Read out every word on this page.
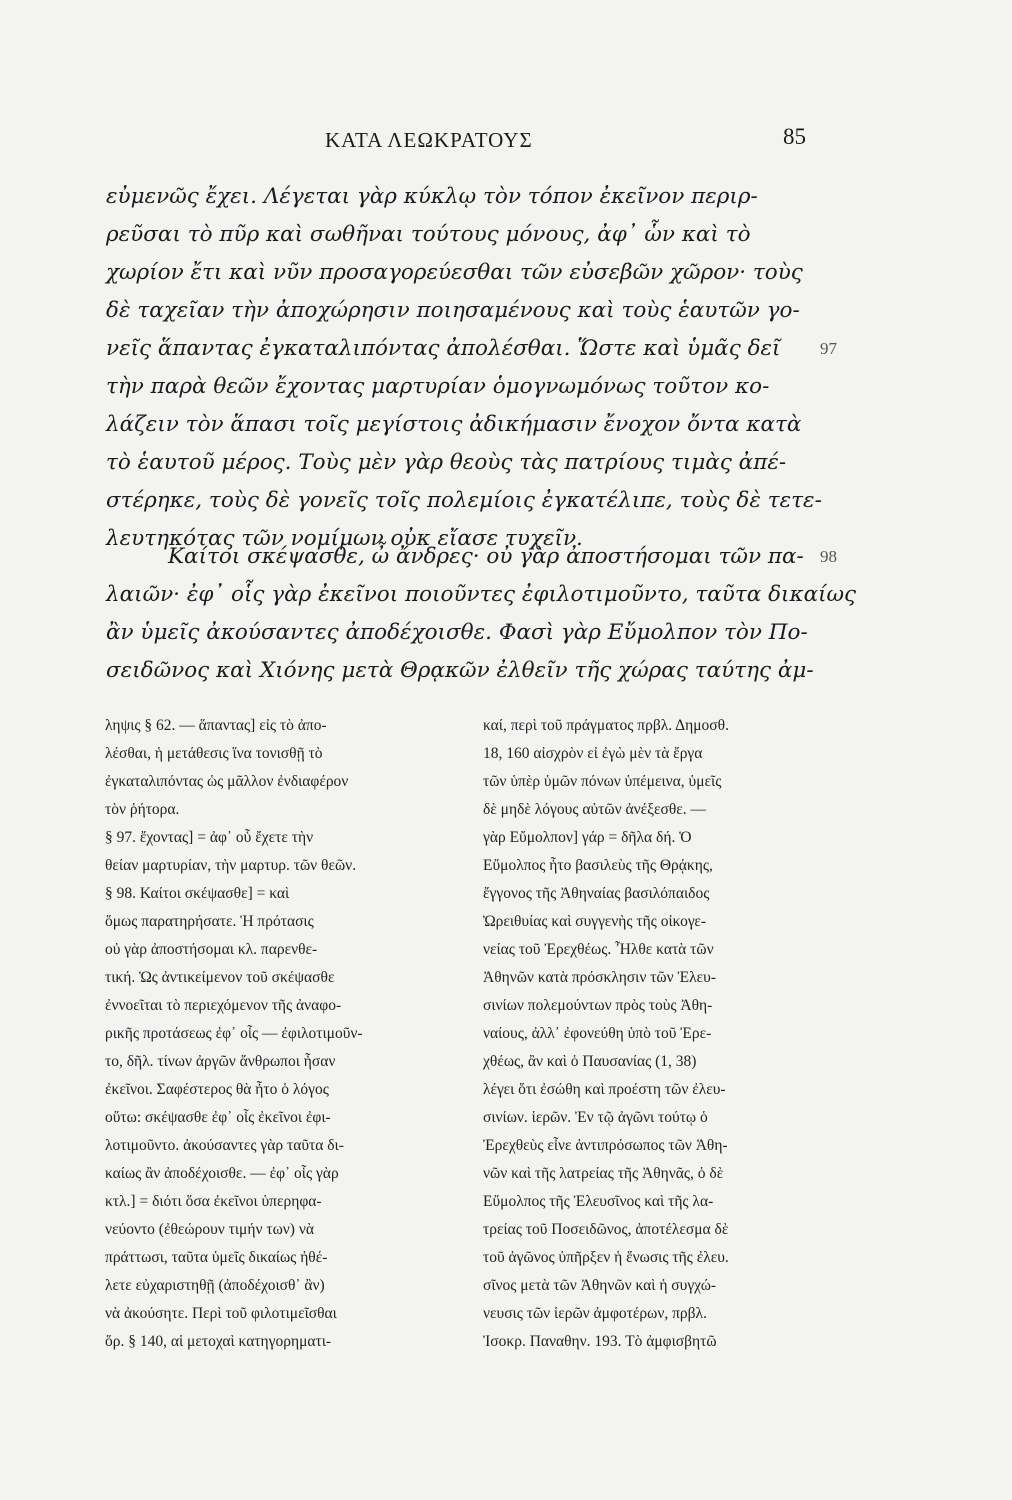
ΚΑΤΑ ΛΕΩΚΡΑΤΟΥΣ	85
εὐμενῶς ἔχει. Λέγεται γὰρ κύκλῳ τὸν τόπον ἐκεῖνον περιρ-
ρεῦσαι τὸ πῦρ καὶ σωθῆναι τούτους μόνους, ἀφ᾽ ὧν καὶ τὸ
χωρίον ἔτι καὶ νῦν προσαγορεύεσθαι τῶν εὐσεβῶν χῶρον· τοὺς
δὲ ταχεῖαν τὴν ἀποχώρησιν ποιησαμένους καὶ τοὺς ἑαυτῶν γο-
νεῖς ἅπαντας ἐγκαταλιπόντας ἀπολέσθαι. Ὥστε καὶ ὑμᾶς δεῖ
τὴν παρὰ θεῶν ἔχοντας μαρτυρίαν ὁμογνωμόνως τοῦτον κο-
λάζειν τὸν ἅπασι τοῖς μεγίστοις ἀδικήμασιν ἔνοχον ὄντα κατὰ
τὸ ἑαυτοῦ μέρος. Τοὺς μὲν γὰρ θεοὺς τὰς πατρίους τιμὰς ἀπέ-
στέρηκε, τοὺς δὲ γονεῖς τοῖς πολεμίοις ἐγκατέλιπε, τοὺς δὲ τετε-
λευτηκότας τῶν νομίμων οὐκ εἴασε τυχεῖν.
Καίτοι σκέψασθε, ὦ ἄνδρες· οὐ γὰρ ἀποστήσομαι τῶν πα-
λαιῶν· ἐφ᾽ οἷς γὰρ ἐκεῖνοι ποιοῦντες ἐφιλοτιμοῦντο, ταῦτα δικαίως
ἂν ὑμεῖς ἀκούσαντες ἀποδέχοισθε. Φασὶ γὰρ Εὔμολπον τὸν Πο-
σειδῶνος καὶ Χιόνης μετὰ Θρᾳκῶν ἐλθεῖν τῆς χώρας ταύτης ἀμ-
97
98
ληψις § 62. — ἅπαντας] εἰς τὸ ἀπο-
λέσθαι, ἡ μετάθεσις ἵνα τονισθῇ τὸ
ἐγκαταλιπόντας ὡς μᾶλλον ἐνδιαφέρον
τὸν ῥήτορα.
§ 97. ἔχοντας] = ἀφ᾽ οὗ ἔχετε τὴν
θείαν μαρτυρίαν, τὴν μαρτυρ. τῶν θεῶν.
§ 98. Καίτοι σκέψασθε] = καὶ
ὅμως παρατηρήσατε. Ἡ πρότασις
οὐ γὰρ ἀποστήσομαι κλ. παρενθε-
τική. Ὡς ἀντικείμενον τοῦ σκέψασθε
ἐννοεῖται τὸ περιεχόμενον τῆς ἀναφο-
ρικῆς προτάσεως ἐφ᾽ οἷς — ἐφιλοτιμοῦν-
το, δῆλ. τίνων ἀργῶν ἄνθρωποι ἦσαν
ἐκεῖνοι. Σαφέστερος θὰ ἦτο ὁ λόγος
οὕτω: σκέψασθε ἐφ᾽ οἷς ἐκεῖνοι ἐφι-
λοτιμοῦντο. ἀκούσαντες γὰρ ταῦτα δι-
καίως ἂν ἀποδέχοισθε. — ἐφ᾽ οἷς γὰρ
κτλ.] = διότι ὅσα ἐκεῖνοι ὑπερηφα-
νεύοντο (ἐθεώρουν τιμήν των) νὰ
πράττωσι, ταῦτα ὑμεῖς δικαίως ἠθέ-
λετε εὐχαριστηθῇ (ἀποδέχοισθ᾽ ἂν)
νὰ ἀκούσητε. Περὶ τοῦ φιλοτιμεῖσθαι
ὅρ. § 140, αἱ μετοχαὶ κατηγορηματι-
καί, περὶ τοῦ πράγματος πρβλ. Δημοσθ.
18, 160 αἰσχρὸν εἰ ἐγὼ μὲν τὰ ἔργα
τῶν ὑπὲρ ὑμῶν πόνων ὑπέμεινα, ὑμεῖς
δὲ μηδὲ λόγους αὐτῶν ἀνέξεσθε. —
γὰρ Εὔμολπον] γάρ = δῆλα δή. Ὁ
Εὔμολπος ἦτο βασιλεὺς τῆς Θρᾴκης,
ἔγγονος τῆς Ἀθηναίας βασιλόπαιδος
Ὠρειθυίας καὶ συγγενὴς τῆς οἰκογε-
νείας τοῦ Ἐρεχθέως. Ἦλθε κατὰ τῶν
Ἀθηνῶν κατὰ πρόσκλησιν τῶν Ἐλευ-
σινίων πολεμούντων πρὸς τοὺς Ἀθη-
ναίους, ἀλλ᾽ ἐφονεύθη ὑπὸ τοῦ Ἐρε-
χθέως, ἂν καὶ ὁ Παυσανίας (1, 38)
λέγει ὅτι ἐσώθη καὶ προέστη τῶν ἐλευ-
σινίων. ἱερῶν. Ἐν τῷ ἀγῶνι τούτῳ ὁ
Ἐρεχθεὺς εἶνε ἀντιπρόσωπος τῶν Ἀθη-
νῶν καὶ τῆς λατρείας τῆς Ἀθηνᾶς, ὁ δὲ
Εὔμολπος τῆς Ἐλευσῖνος καὶ τῆς λα-
τρείας τοῦ Ποσειδῶνος, ἀποτέλεσμα δὲ
τοῦ ἀγῶνος ὑπῆρξεν ἡ ἕνωσις τῆς ἐλευ.
σῖνος μετὰ τῶν Ἀθηνῶν καὶ ἡ συγχώ-
νευσις τῶν ἱερῶν ἀμφοτέρων, πρβλ.
Ἰσοκρ. Παναθην. 193. Τὸ ἀμφισβητῶ
